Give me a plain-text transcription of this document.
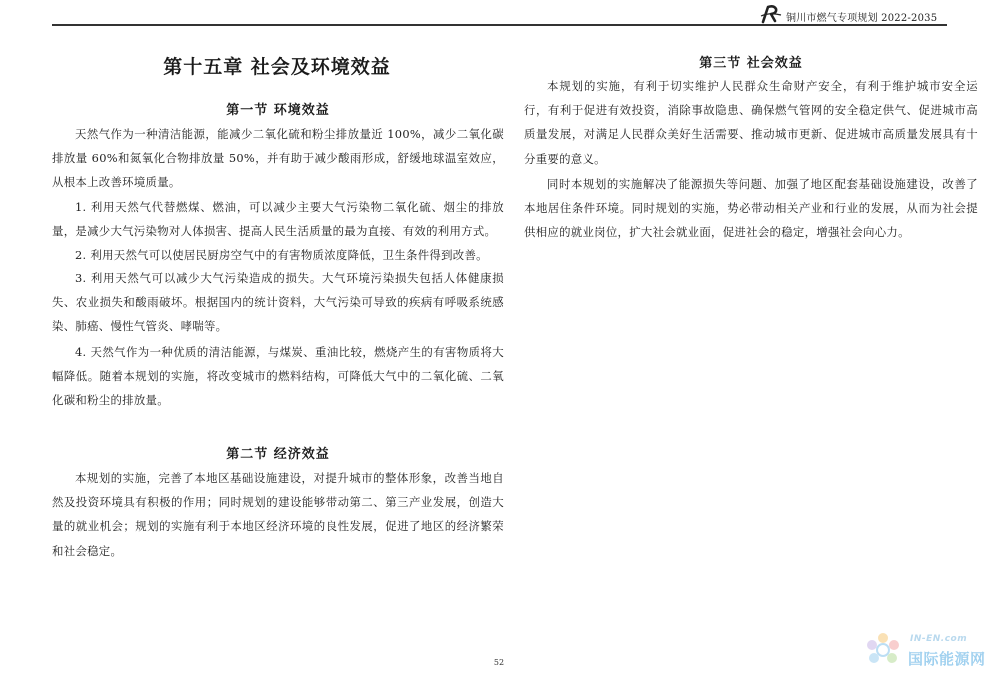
铜川市燃气专项规划 2022-2035
第十五章 社会及环境效益
第一节 环境效益

天然气作为一种清洁能源，能减少二氧化硫和粉尘排放量近 100%，减少二氧化碳排放量 60%和氮氧化合物排放量 50%，并有助于减少酸雨形成，舒缓地球温室效应，从根本上改善环境质量。

1. 利用天然气代替燃煤、燃油，可以减少主要大气污染物二氧化硫、烟尘的排放量，是减少大气污染物对人体损害、提高人民生活质量的最为直接、有效的利用方式。

2. 利用天然气可以使居民厨房空气中的有害物质浓度降低，卫生条件得到改善。

3. 利用天然气可以减少大气污染造成的损失。大气环境污染损失包括人体健康损失、农业损失和酸雨破坏。根据国内的统计资料，大气污染可导致的疾病有呼吸系统感染、肺癌、慢性气管炎、哮喘等。

4. 天然气作为一种优质的清洁能源，与煤炭、重油比较，燃烧产生的有害物质将大幅降低。随着本规划的实施，将改变城市的燃料结构，可降低大气中的二氧化硫、二氧化碳和粉尘的排放量。

第二节 经济效益

本规划的实施，完善了本地区基础设施建设，对提升城市的整体形象，改善当地自然及投资环境具有积极的作用；同时规划的建设能够带动第二、第三产业发展，创造大量的就业机会；规划的实施有利于本地区经济环境的良性发展，促进了地区的经济繁荣和社会稳定。

第三节 社会效益

本规划的实施，有利于切实维护人民群众生命财产安全，有利于维护城市安全运行，有利于促进有效投资，消除事故隐患、确保燃气管网的安全稳定供气、促进城市高质量发展，对满足人民群众美好生活需要、推动城市更新、促进城市高质量发展具有十分重要的意义。

同时本规划的实施解决了能源损失等问题、加强了地区配套基础设施建设，改善了本地居住条件环境。同时规划的实施，势必带动相关产业和行业的发展，从而为社会提供相应的就业岗位，扩大社会就业面，促进社会的稳定，增强社会向心力。

52
IN-EN.com
国际能源网
